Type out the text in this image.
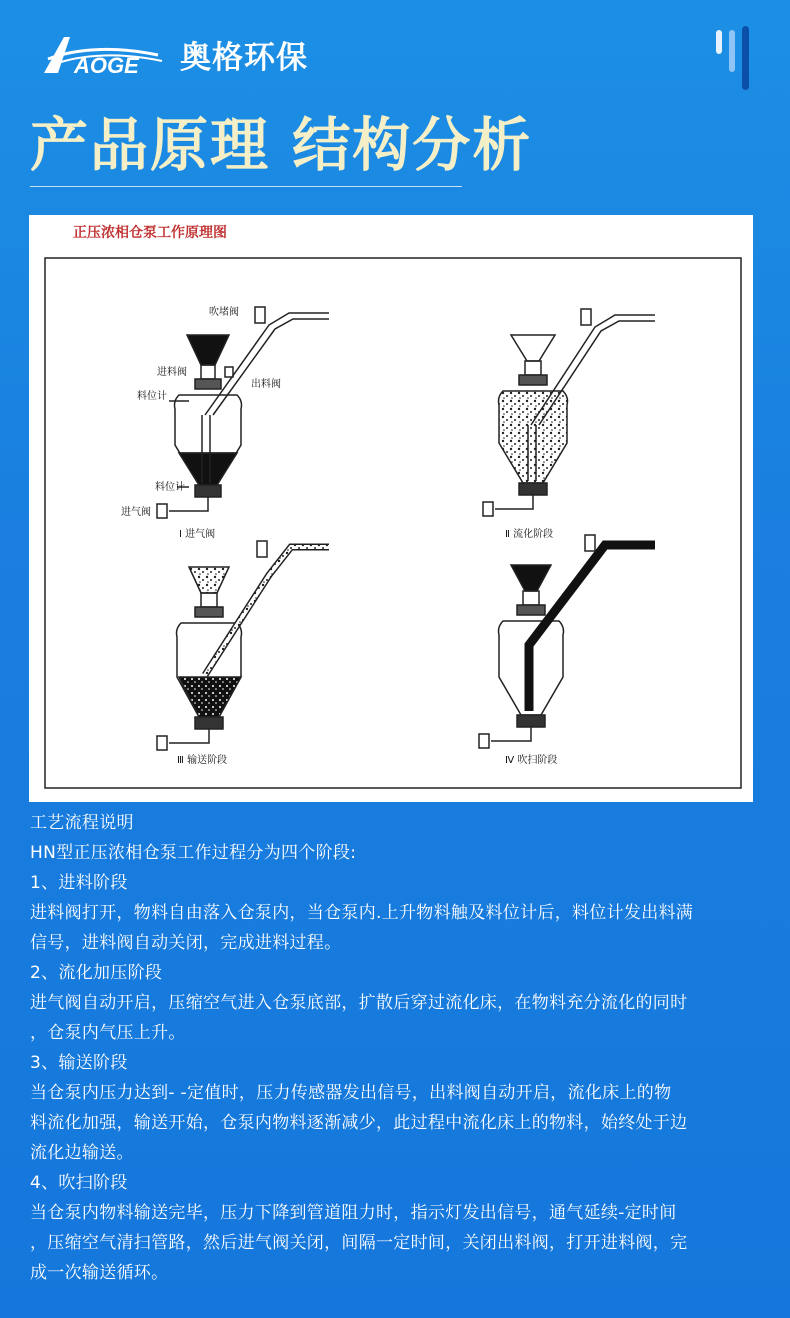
AOGE 奥格环保
产品原理 结构分析
正压浓相仓泵工作原理图
吹堵阀
进料阀
出料阀
料位计
料位计
进气阀
Ⅰ 进气阀	Ⅱ 流化阶段
Ⅲ 输送阶段	Ⅳ 吹扫阶段

工艺流程说明

HN型正压浓相仓泵工作过程分为四个阶段:

1、进料阶段

进料阀打开，物料自由落入仓泵内，当仓泵内.上升物料触及料位计后，料位计发出料满

信号，进料阀自动关闭，完成进料过程。

2、流化加压阶段

进气阀自动开启，压缩空气进入仓泵底部，扩散后穿过流化床，在物料充分流化的同时

，仓泵内气压上升。

3、输送阶段

当仓泵内压力达到- -定值时，压力传感器发出信号，出料阀自动开启，流化床上的物

料流化加强，输送开始，仓泵内物料逐渐减少，此过程中流化床上的物料，始终处于边

流化边输送。

4、吹扫阶段

当仓泵内物料输送完毕，压力下降到管道阻力时，指示灯发出信号，通气延续-定时间

，压缩空气清扫管路，然后进气阀关闭，间隔一定时间，关闭出料阀，打开进料阀，完

成一次输送循环。
